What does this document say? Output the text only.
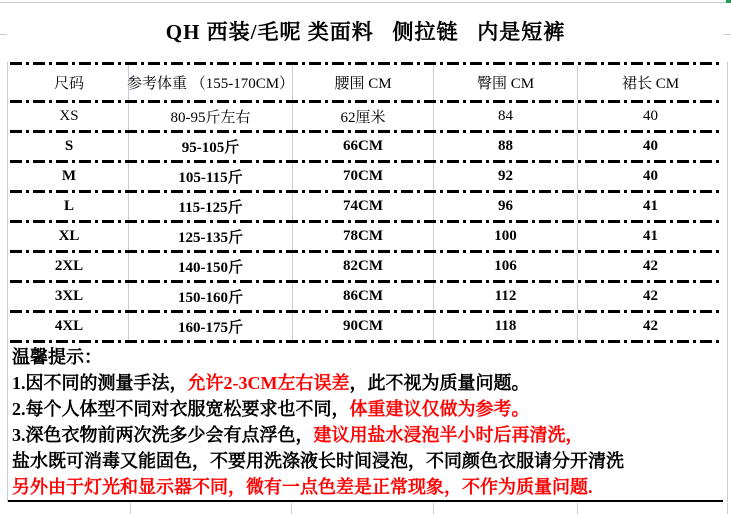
QH 西装/毛呢 类面料   侧拉链   内是短裤
尺码	参考体重 （155-170CM）	腰围 CM	臀围 CM	裙长 CM
XS	80-95斤左右	62厘米	84	40
S	95-105斤	66CM	88	40
M	105-115斤	70CM	92	40
L	115-125斤	74CM	96	41
XL	125-135斤	78CM	100	41
2XL	140-150斤	82CM	106	42
3XL	150-160斤	86CM	112	42
4XL	160-175斤	90CM	118	42
温馨提示：
1.因不同的测量手法，允许2-3CM左右误差，此不视为质量问题。
2.每个人体型不同对衣服宽松要求也不同，体重建议仅做为参考。
3.深色衣物前两次洗多少会有点浮色，建议用盐水浸泡半小时后再清洗，
盐水既可消毒又能固色，不要用洗涤液长时间浸泡，不同颜色衣服请分开清洗
另外由于灯光和显示器不同，微有一点色差是正常现象，不作为质量问题.
